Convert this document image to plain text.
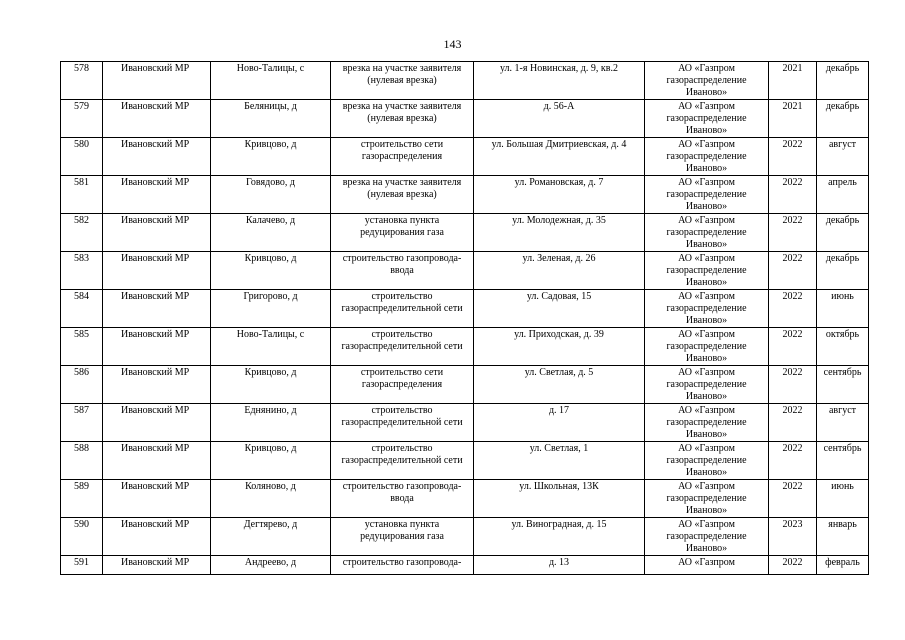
143
578	Ивановский МР	Ново-Талицы, с	врезка на участке заявителя (нулевая врезка)	ул. 1-я Новинская, д. 9, кв.2	АО «Газпром газораспределение Иваново»	2021	декабрь
579	Ивановский МР	Беляницы, д	врезка на участке заявителя (нулевая врезка)	д. 56-А	АО «Газпром газораспределение Иваново»	2021	декабрь
580	Ивановский МР	Кривцово, д	строительство сети газораспределения	ул. Большая Дмитриевская, д. 4	АО «Газпром газораспределение Иваново»	2022	август
581	Ивановский МР	Говядово, д	врезка на участке заявителя (нулевая врезка)	ул. Романовская, д. 7	АО «Газпром газораспределение Иваново»	2022	апрель
582	Ивановский МР	Калачево, д	установка пункта редуцирования газа	ул. Молодежная, д. 35	АО «Газпром газораспределение Иваново»	2022	декабрь
583	Ивановский МР	Кривцово, д	строительство газопровода-ввода	ул. Зеленая, д. 26	АО «Газпром газораспределение Иваново»	2022	декабрь
584	Ивановский МР	Григорово, д	строительство газораспределительной сети	ул. Садовая, 15	АО «Газпром газораспределение Иваново»	2022	июнь
585	Ивановский МР	Ново-Талицы, с	строительство газораспределительной сети	ул. Приходская, д. 39	АО «Газпром газораспределение Иваново»	2022	октябрь
586	Ивановский МР	Кривцово, д	строительство сети газораспределения	ул. Светлая, д. 5	АО «Газпром газораспределение Иваново»	2022	сентябрь
587	Ивановский МР	Еднянино, д	строительство газораспределительной сети	д. 17	АО «Газпром газораспределение Иваново»	2022	август
588	Ивановский МР	Кривцово, д	строительство газораспределительной сети	ул. Светлая, 1	АО «Газпром газораспределение Иваново»	2022	сентябрь
589	Ивановский МР	Коляново, д	строительство газопровода-ввода	ул. Школьная, 13К	АО «Газпром газораспределение Иваново»	2022	июнь
590	Ивановский МР	Дегтярево, д	установка пункта редуцирования газа	ул. Виноградная, д. 15	АО «Газпром газораспределение Иваново»	2023	январь
591	Ивановский МР	Андреево, д	строительство газопровода-	д. 13	АО «Газпром	2022	февраль
